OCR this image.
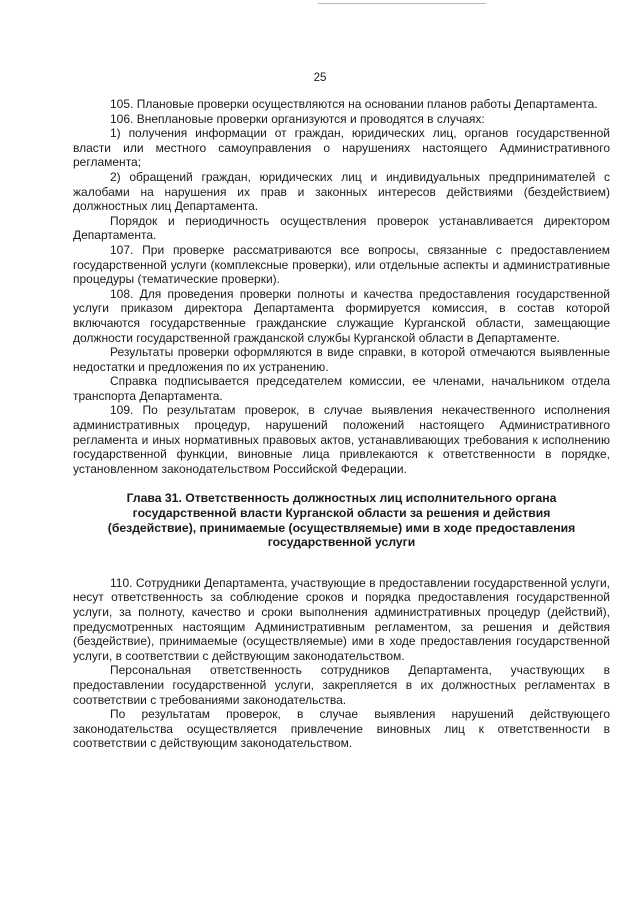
25

105. Плановые проверки осуществляются на основании планов работы Департамента.

106. Внеплановые проверки организуются и проводятся в случаях:

1) получения информации от граждан, юридических лиц, органов государственной власти или местного самоуправления о нарушениях настоящего Административного регламента;

2) обращений граждан, юридических лиц и индивидуальных предпринимателей с жалобами на нарушения их прав и законных интересов действиями (бездействием) должностных лиц Департамента.

Порядок и периодичность осуществления проверок устанавливается директором Департамента.

107. При проверке рассматриваются все вопросы, связанные с предоставлением государственной услуги (комплексные проверки), или отдельные аспекты и административные процедуры (тематические проверки).

108. Для проведения проверки полноты и качества предоставления государственной услуги приказом директора Департамента формируется комиссия, в состав которой включаются государственные гражданские служащие Курганской области, замещающие должности государственной гражданской службы Курганской области в Департаменте.

Результаты проверки оформляются в виде справки, в которой отмечаются выявленные недостатки и предложения по их устранению.

Справка подписывается председателем комиссии, ее членами, начальником отдела транспорта Департамента.

109. По результатам проверок, в случае выявления некачественного исполнения административных процедур, нарушений положений настоящего Административного регламента и иных нормативных правовых актов, устанавливающих требования к исполнению государственной функции, виновные лица привлекаются к ответственности в порядке, установленном законодательством Российской Федерации.

Глава 31. Ответственность должностных лиц исполнительного органа
государственной власти Курганской области за решения и действия
(бездействие), принимаемые (осуществляемые) ими в ходе предоставления
государственной услуги

110. Сотрудники Департамента, участвующие в предоставлении государственной услуги, несут ответственность за соблюдение сроков и порядка предоставления государственной услуги, за полноту, качество и сроки выполнения административных процедур (действий), предусмотренных настоящим Административным регламентом, за решения и действия (бездействие), принимаемые (осуществляемые) ими в ходе предоставления государственной услуги, в соответствии с действующим законодательством.

Персональная ответственность сотрудников Департамента, участвующих в предоставлении государственной услуги, закрепляется в их должностных регламентах в соответствии с требованиями законодательства.

По результатам проверок, в случае выявления нарушений действующего законодательства осуществляется привлечение виновных лиц к ответственности в соответствии с действующим законодательством.
